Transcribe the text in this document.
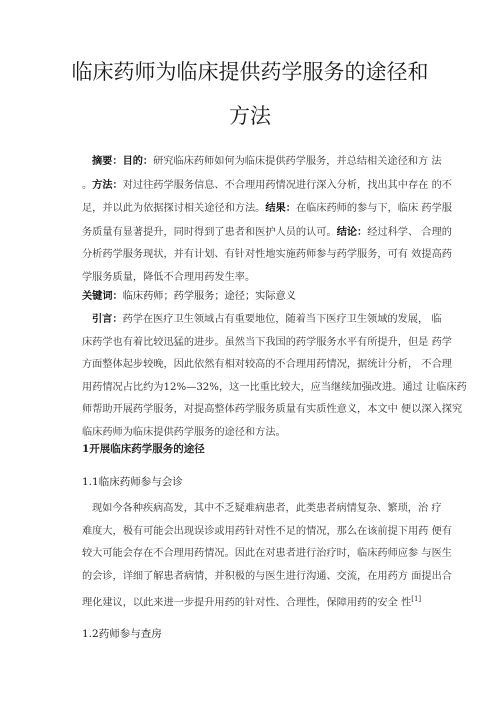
临床药师为临床提供药学服务的途径和
方法
摘要：目的：研究临床药师如何为临床提供药学服务，并总结相关途径和方 法
。方法：对过往药学服务信息、不合理用药情况进行深入分析，找出其中存在 的不
足，并以此为依据探讨相关途径和方法。结果：在临床药师的参与下，临床 药学服
务质量有显著提升，同时得到了患者和医护人员的认可。结论：经过科学、 合理的
分析药学服务现状，并有计划、有针对性地实施药师参与药学服务，可有 效提高药
学服务质量，降低不合理用药发生率。
关键词：临床药师；药学服务；途径；实际意义
引言：药学在医疗卫生领域占有重要地位，随着当下医疗卫生领域的发展， 临
床药学也有着比较迅猛的进步。虽然当下我国的药学服务水平有所提升，但是 药学
方面整体起步较晚，因此依然有相对较高的不合理用药情况，据统计分析， 不合理
用药情况占比约为12%—32%，这一比重比较大，应当继续加强改进。通过 让临床药
师帮助开展药学服务，对提高整体药学服务质量有实质性意义，本文中 便以深入探究
临床药师为临床提供药学服务的途径和方法。
1开展临床药学服务的途径
1.1临床药师参与会诊
现如今各种疾病高发，其中不乏疑难病患者，此类患者病情复杂、繁琐，治 疗
难度大，极有可能会出现误诊或用药针对性不足的情况，那么在该前提下用药 便有
较大可能会存在不合理用药情况。因此在对患者进行治疗时，临床药师应参 与医生
的会诊，详细了解患者病情，并积极的与医生进行沟通、交流，在用药方 面提出合
理化建议，以此来进一步提升用药的针对性、合理性，保障用药的安全 性[1]
1.2药师参与查房
